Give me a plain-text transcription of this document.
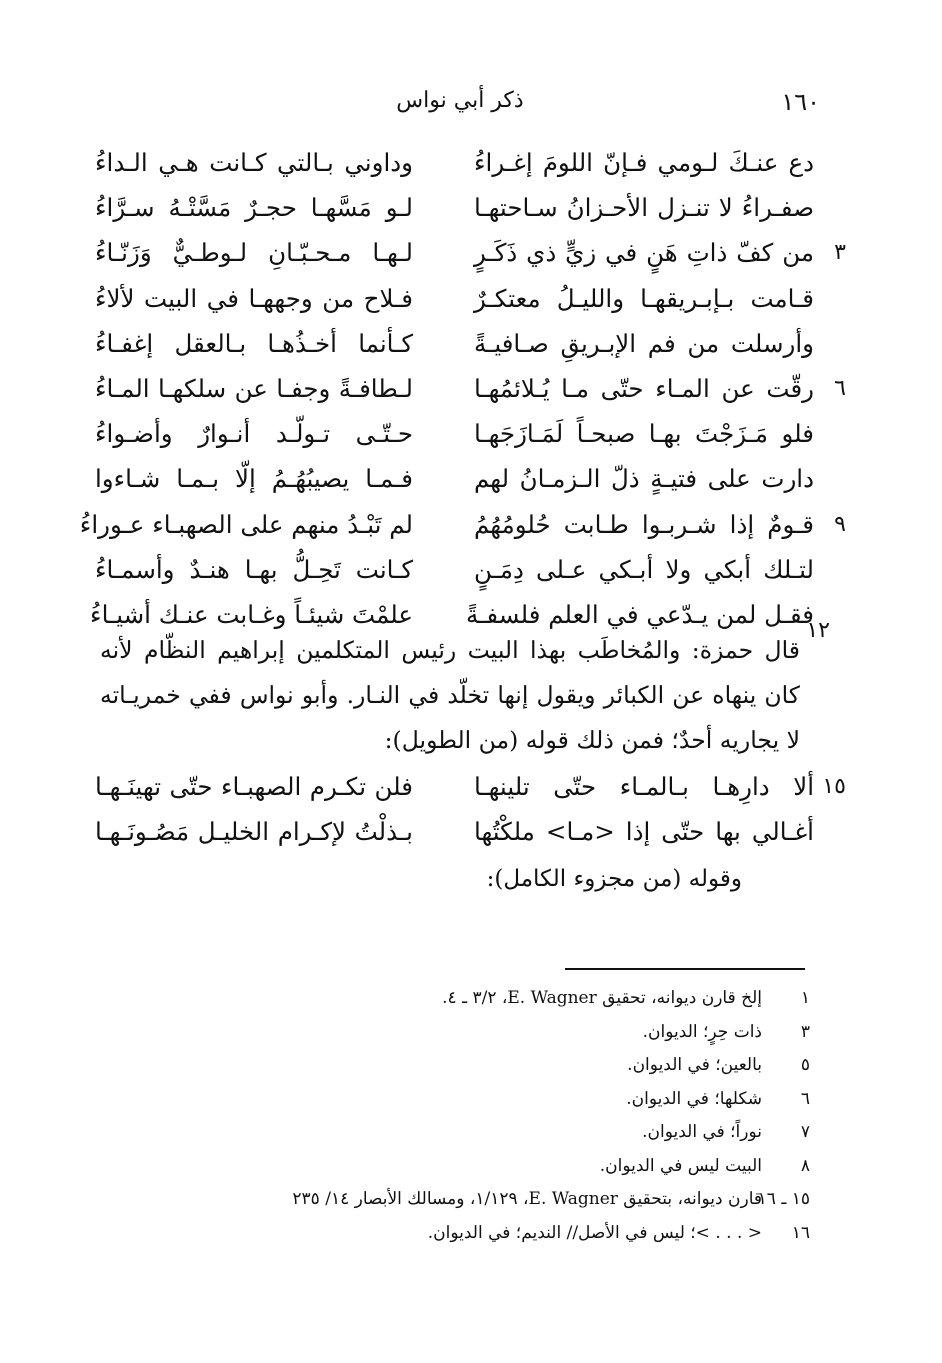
١٦٠
ذكر أبي نواس
دع عنـكَ لـومي فـإنّ اللومَ إغـراءُ
وداوني بـالتي كـانت هـي الـداءُ
صفـراءُ لا تنـزل الأحـزانُ سـاحتهـا
لـو مَسَّهـا حجـرٌ مَسَّتْـهُ سـرَّاءُ
٣
من كفّ ذاتِ هَنٍ في زيٍّ ذي ذَكَـرٍ
لـهـا مـحـبّـانِ لـوطـيٌّ وَزَنّـاءُ
قـامت بـإبـريقهـا والليـلُ معتكـرٌ
فـلاح من وجههـا في البيت لألاءُ
وأرسلت من فم الإبـريقِ صـافيـةً
كـأنما أخـذُهـا بـالعقل إغفـاءُ
٦
رقّت عن المـاء حتّى مـا يُـلائمُهـا
لـطافـةً وجفـا عن سلكهـا المـاءُ
فلو مَـزَجْتَ بهـا صبحـاً لَمَـازَجَهـا
حـتّـى تـولّـد أنـوارٌ وأضـواءُ
دارت على فتيـةٍ ذلّ الـزمـانُ لهم
فـمـا يصيبُهُـمُ إلّا بـمـا شـاءوا
٩
قـومٌ إذا شـربـوا طـابت حُلومُهُمُ
لم تَبْـدُ منهم على الصهبـاء عـوراءُ
لتـلك أبكي ولا أبـكي عـلى دِمَـنٍ
كـانت تَحِـلُّ بهـا هنـدٌ وأسمـاءُ
فقـل لمن يـدّعي في العلم فلسفـةً
علمْتَ شيئـاً وغـابت عنـك أشيـاءُ
١٢
قال حمزة: والمُخاطَب بهذا البيت رئيس المتكلمين إبراهيم النظّام لأنه كان ينهاه عن الكبائر ويقول إنها تخلّد في النـار. وأبو نواس ففي خمريـاته لا يجاريه أحدٌ؛ فمن ذلك قوله (من الطويل):
١٥
ألا دارِهـا بـالمـاء حتّى تلينهـا
فلن تكـرم الصهبـاء حتّى تهينَـهـا
أغـالي بها حتّى إذا <مـا> ملكْتُها
بـذلْتُ لإكـرام الخليـل مَصُـونَـهـا
وقوله (من مجزوء الكامل):
١
إلخ قارن ديوانه، تحقيق E. Wagner، ٣/٢ ـ ٤.
٣
ذات حِرٍ؛ الديوان.
٥
بالعين؛ في الديوان.
٦
شكلها؛ في الديوان.
٧
نوراً؛ في الديوان.
٨
البيت ليس في الديوان.
١٥ ـ ١٦
قارن ديوانه، بتحقيق E. Wagner، ١/١٢٩، ومسالك الأبصار ١٤/ ٢٣٥
١٦
< . . . >؛ ليس في الأصل// النديم؛ في الديوان.
